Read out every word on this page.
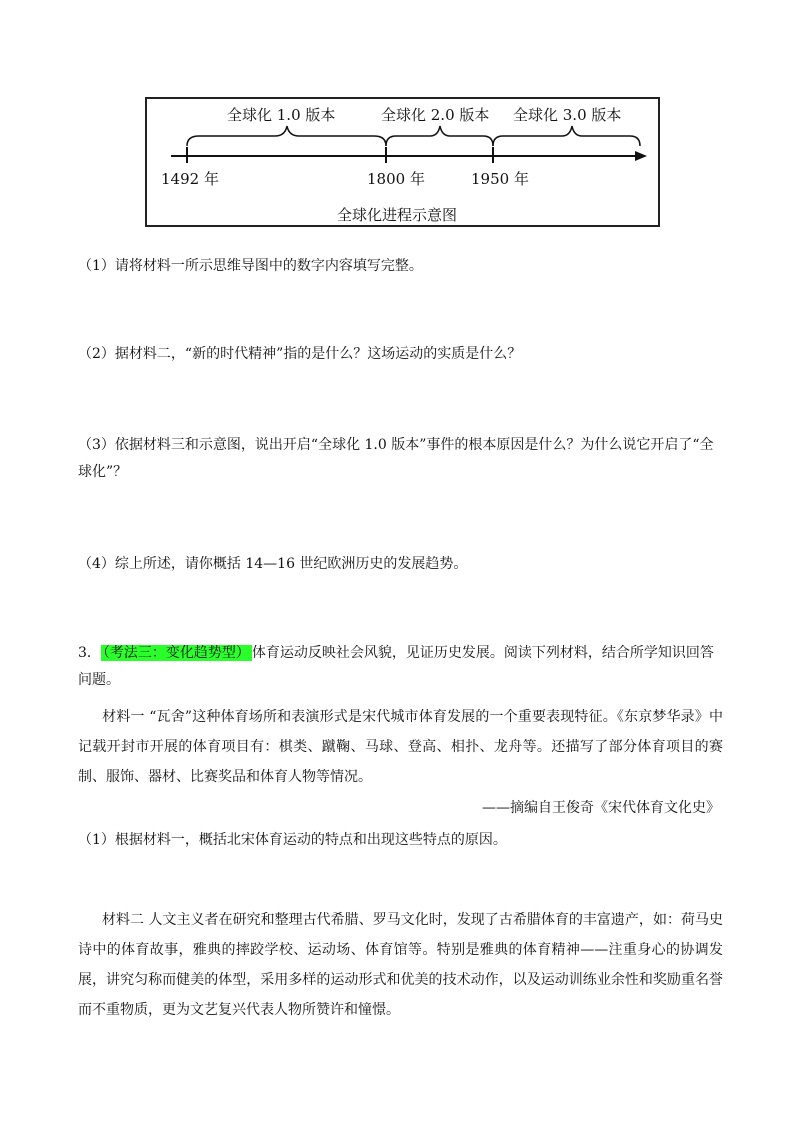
全球化 1.0 版本	全球化 2.0 版本 全球化 3.0 版本
1492 年	1800 年	1950 年
全球化进程示意图
（1）请将材料一所示思维导图中的数字内容填写完整。
（2）据材料二，“新的时代精神”指的是什么？这场运动的实质是什么？
（3）依据材料三和示意图，说出开启“全球化 1.0 版本”事件的根本原因是什么？为什么说它开启了“全
球化”？
（4）综上所述，请你概括 14—16 世纪欧洲历史的发展趋势。
3． （考法三：变化趋势型） 体育运动反映社会风貌，见证历史发展。阅读下列材料，结合所学知识回答问题。
材料一 “瓦舍”这种体育场所和表演形式是宋代城市体育发展的一个重要表现特征。《东京梦华录》中记载开封市开展的体育项目有：棋类、蹴鞠、马球、登高、相扑、龙舟等。还描写了部分体育项目的赛制、服饰、器材、比赛奖品和体育人物等情况。
——摘编自王俊奇《宋代体育文化史》
（1）根据材料一，概括北宋体育运动的特点和出现这些特点的原因。
材料二 人文主义者在研究和整理古代希腊、罗马文化时，发现了古希腊体育的丰富遗产，如：荷马史诗中的体育故事，雅典的摔跤学校、运动场、体育馆等。特别是雅典的体育精神——注重身心的协调发展，讲究匀称而健美的体型，采用多样的运动形式和优美的技术动作，以及运动训练业余性和奖励重名誉而不重物质，更为文艺复兴代表人物所赞许和憧憬。
